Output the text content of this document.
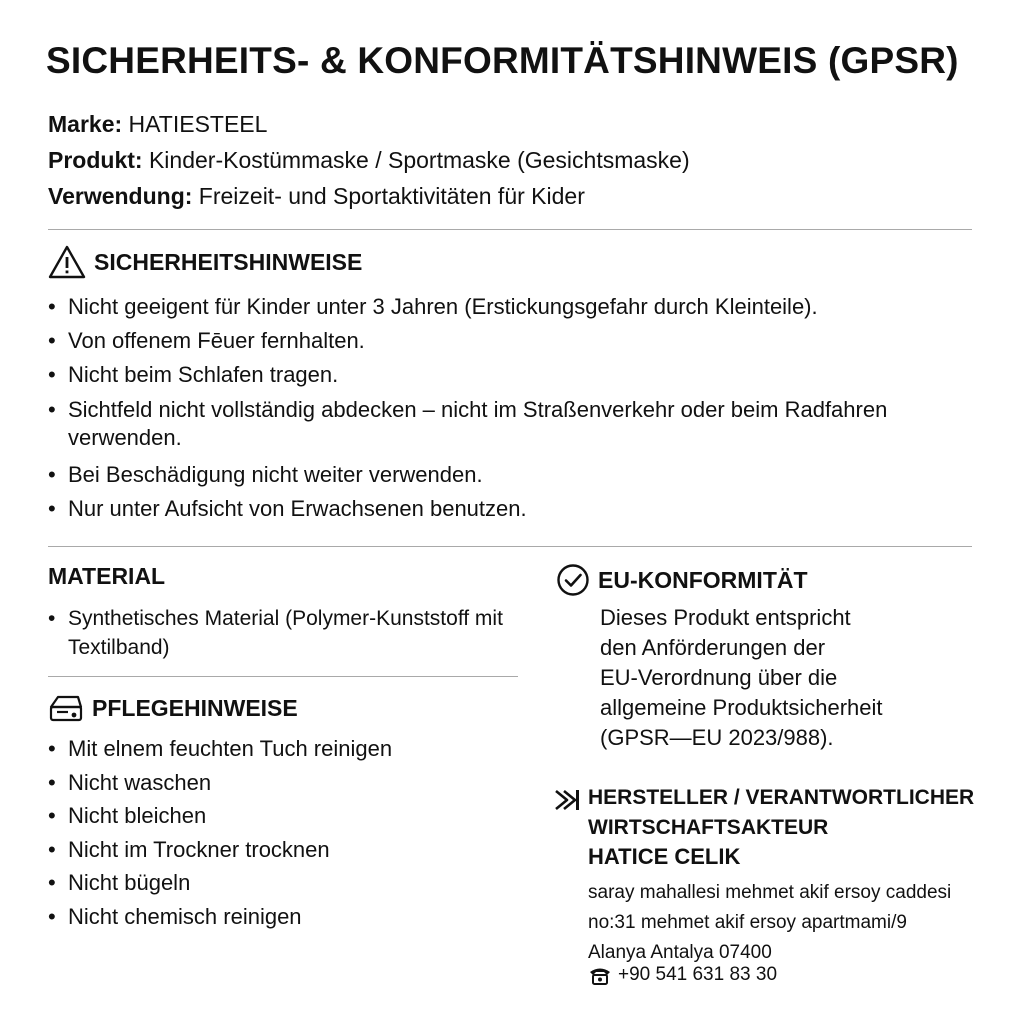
SICHERHEITS- & KONFORMITÄTSHINWEIS (GPSR)
Marke: HATIESTEEL
Produkt: Kinder-Kostümmaske / Sportmaske (Gesichtsmaske)
Verwendung: Freizeit- und Sportaktivitäten für Kider
SICHERHEITSHINWEISE
• Nicht geeigent für Kinder unter 3 Jahren (Erstickungsgefahr durch Kleinteile).
• Von offenem Fēuer fernhalten.
• Nicht beim Schlafen tragen.
• Sichtfeld nicht vollständig abdecken – nicht im Straßenverkehr oder beim Radfahren verwenden.
• Bei Beschädigung nicht weiter verwenden.
• Nur unter Aufsicht von Erwachsenen benutzen.
MATERIAL
• Synthetisches Material (Polymer-Kunststoff mit Textilband)
PFLEGEHINWEISE
• Mit elnem feuchten Tuch reinigen
• Nicht waschen
• Nicht bleichen
• Nicht im Trockner trocknen
• Nicht bügeln
• Nicht chemisch reinigen
EU-KONFORMITÄT
Dieses Produkt entspricht
den Anförderungen der
EU-Verordnung über die
allgemeine Produktsicherheit
(GPSR—EU 2023/988).
HERSTELLER / VERANTWORTLICHER
WIRTSCHAFTSAKTEUR
HATICE CELIK
saray mahallesi mehmet akif ersoy caddesi
no:31 mehmet akif ersoy apartmami/9
Alanya Antalya 07400
+90 541 631 83 30
